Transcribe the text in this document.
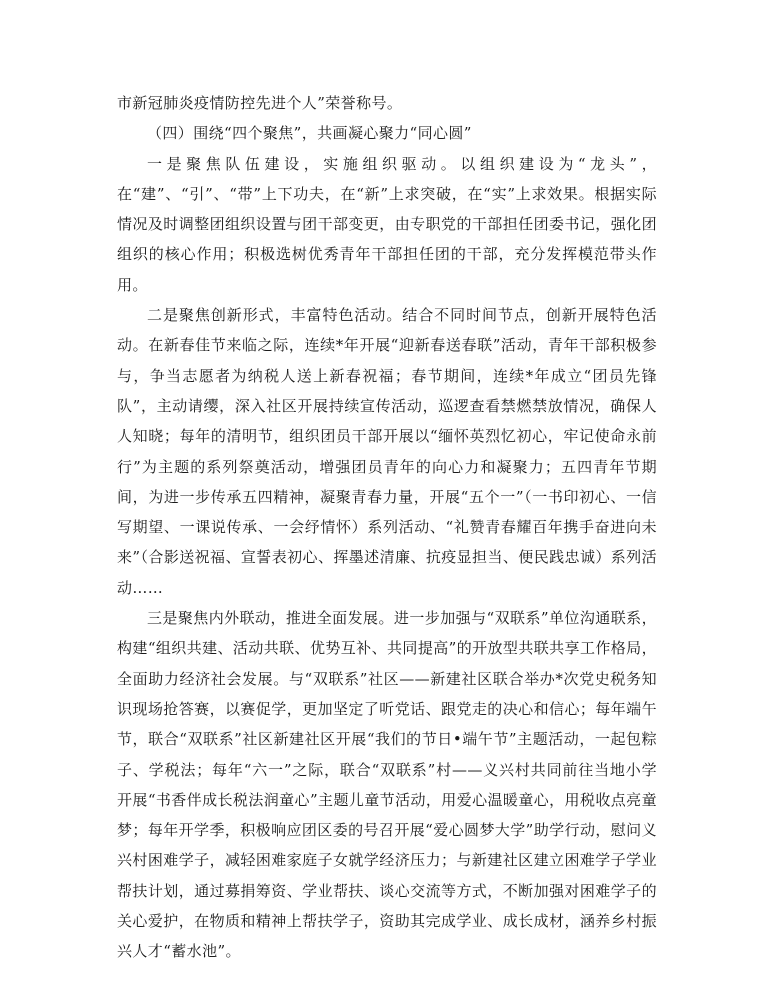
市新冠肺炎疫情防控先进个人”荣誉称号。

（四）围绕“四个聚焦”，共画凝心聚力“同心圆”

一是聚焦队伍建设，实施组织驱动。以组织建设为“龙头”，在“建”、“引”、“带”上下功夫，在“新”上求突破，在“实”上求效果。根据实际情况及时调整团组织设置与团干部变更，由专职党的干部担任团委书记，强化团组织的核心作用；积极选树优秀青年干部担任团的干部，充分发挥模范带头作用。

二是聚焦创新形式，丰富特色活动。结合不同时间节点，创新开展特色活动。在新春佳节来临之际，连续*年开展“迎新春送春联”活动，青年干部积极参与，争当志愿者为纳税人送上新春祝福；春节期间，连续*年成立“团员先锋队”，主动请缨，深入社区开展持续宣传活动，巡逻查看禁燃禁放情况，确保人人知晓；每年的清明节，组织团员干部开展以“缅怀英烈忆初心，牢记使命永前行”为主题的系列祭奠活动，增强团员青年的向心力和凝聚力；五四青年节期间，为进一步传承五四精神，凝聚青春力量，开展“五个一”（一书印初心、一信写期望、一课说传承、一会纾情怀）系列活动、“礼赞青春耀百年携手奋进向未来”（合影送祝福、宣誓表初心、挥墨述清廉、抗疫显担当、便民践忠诚）系列活动……

三是聚焦内外联动，推进全面发展。进一步加强与“双联系”单位沟通联系，构建“组织共建、活动共联、优势互补、共同提高”的开放型共联共享工作格局，全面助力经济社会发展。与“双联系”社区——新建社区联合举办*次党史税务知识现场抢答赛，以赛促学，更加坚定了听党话、跟党走的决心和信心；每年端午节，联合“双联系”社区新建社区开展“我们的节日•端午节”主题活动，一起包粽子、学税法；每年“六一”之际，联合“双联系”村——义兴村共同前往当地小学开展“书香伴成长税法润童心”主题儿童节活动，用爱心温暖童心，用税收点亮童梦；每年开学季，积极响应团区委的号召开展“爱心圆梦大学”助学行动，慰问义兴村困难学子，减轻困难家庭子女就学经济压力；与新建社区建立困难学子学业帮扶计划，通过募捐筹资、学业帮扶、谈心交流等方式，不断加强对困难学子的关心爱护，在物质和精神上帮扶学子，资助其完成学业、成长成材，涵养乡村振兴人才“蓄水池”。
